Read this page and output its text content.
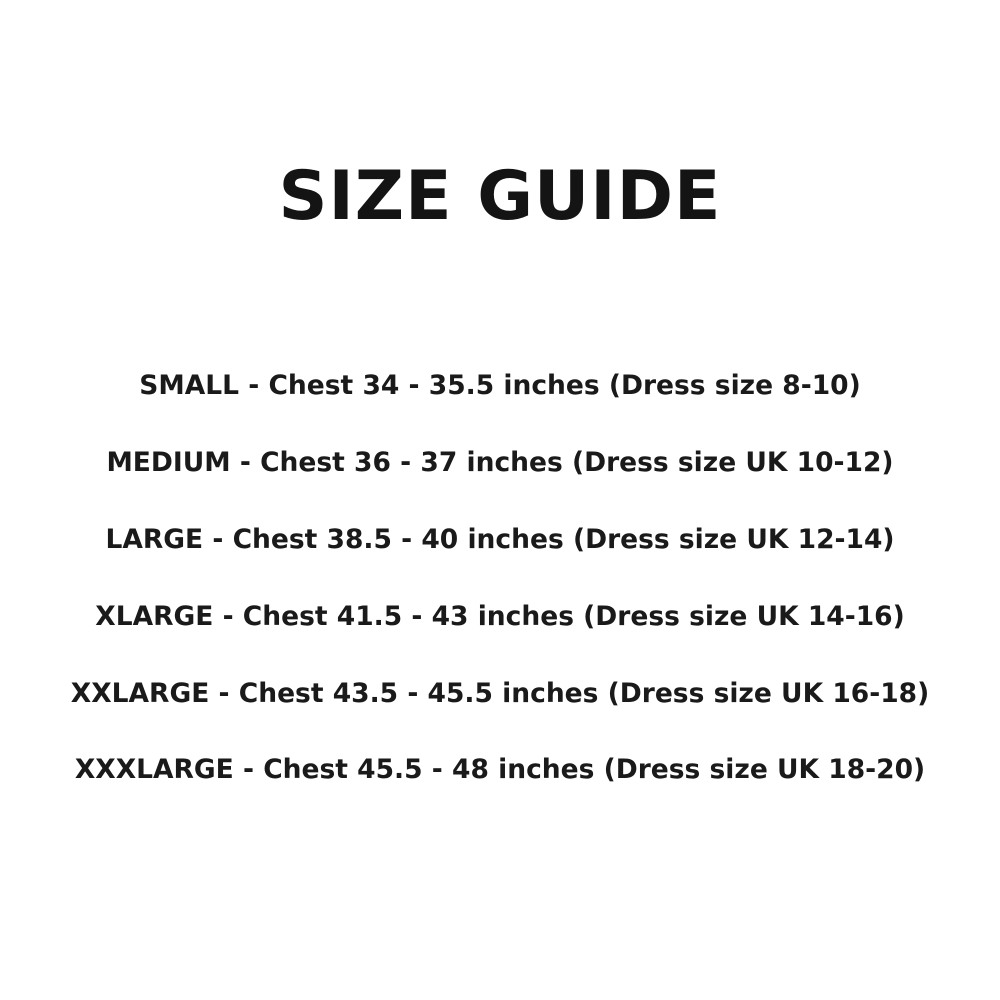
SIZE GUIDE
SMALL - Chest 34 - 35.5 inches (Dress size 8-10)
MEDIUM - Chest 36 - 37 inches (Dress size UK 10-12)
LARGE - Chest 38.5 - 40 inches (Dress size UK 12-14)
XLARGE - Chest 41.5 - 43 inches (Dress size UK 14-16)
XXLARGE - Chest 43.5 - 45.5 inches (Dress size UK 16-18)
XXXLARGE - Chest 45.5 - 48 inches (Dress size UK 18-20)
